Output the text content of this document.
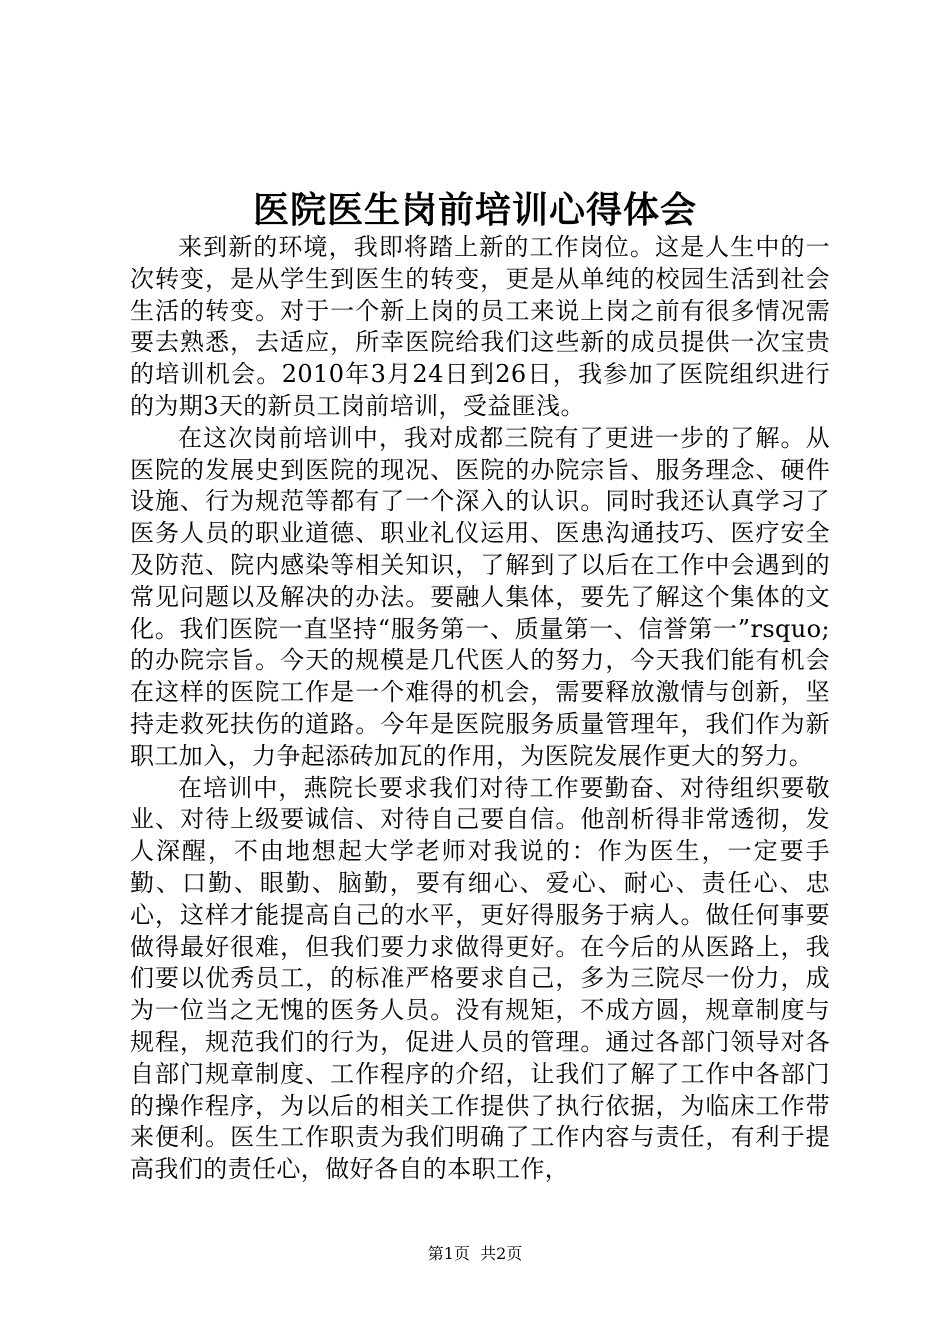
医院医生岗前培训心得体会

来到新的环境，我即将踏上新的工作岗位。这是人生中的一次转变，是从学生到医生的转变，更是从单纯的校园生活到社会生活的转变。对于一个新上岗的员工来说上岗之前有很多情况需要去熟悉，去适应，所幸医院给我们这些新的成员提供一次宝贵的培训机会。2010年3月24日到26日，我参加了医院组织进行的为期3天的新员工岗前培训，受益匪浅。

在这次岗前培训中，我对成都三院有了更进一步的了解。从医院的发展史到医院的现况、医院的办院宗旨、服务理念、硬件设施、行为规范等都有了一个深入的认识。同时我还认真学习了医务人员的职业道德、职业礼仪运用、医患沟通技巧、医疗安全及防范、院内感染等相关知识，了解到了以后在工作中会遇到的常见问题以及解决的办法。要融人集体，要先了解这个集体的文化。我们医院一直坚持“服务第一、质量第一、信誉第一”rsquo;的办院宗旨。今天的规模是几代医人的努力，今天我们能有机会在这样的医院工作是一个难得的机会，需要释放激情与创新，坚持走救死扶伤的道路。今年是医院服务质量管理年，我们作为新职工加入，力争起添砖加瓦的作用，为医院发展作更大的努力。

在培训中，燕院长要求我们对待工作要勤奋、对待组织要敬业、对待上级要诚信、对待自己要自信。他剖析得非常透彻，发人深醒，不由地想起大学老师对我说的：作为医生，一定要手勤、口勤、眼勤、脑勤，要有细心、爱心、耐心、责任心、忠心，这样才能提高自己的水平，更好得服务于病人。做任何事要做得最好很难，但我们要力求做得更好。在今后的从医路上，我们要以优秀员工，的标准严格要求自己，多为三院尽一份力，成为一位当之无愧的医务人员。没有规矩，不成方圆，规章制度与规程，规范我们的行为，促进人员的管理。通过各部门领导对各自部门规章制度、工作程序的介绍，让我们了解了工作中各部门的操作程序，为以后的相关工作提供了执行依据，为临床工作带来便利。医生工作职责为我们明确了工作内容与责任，有利于提高我们的责任心，做好各自的本职工作，

第1页  共2页
